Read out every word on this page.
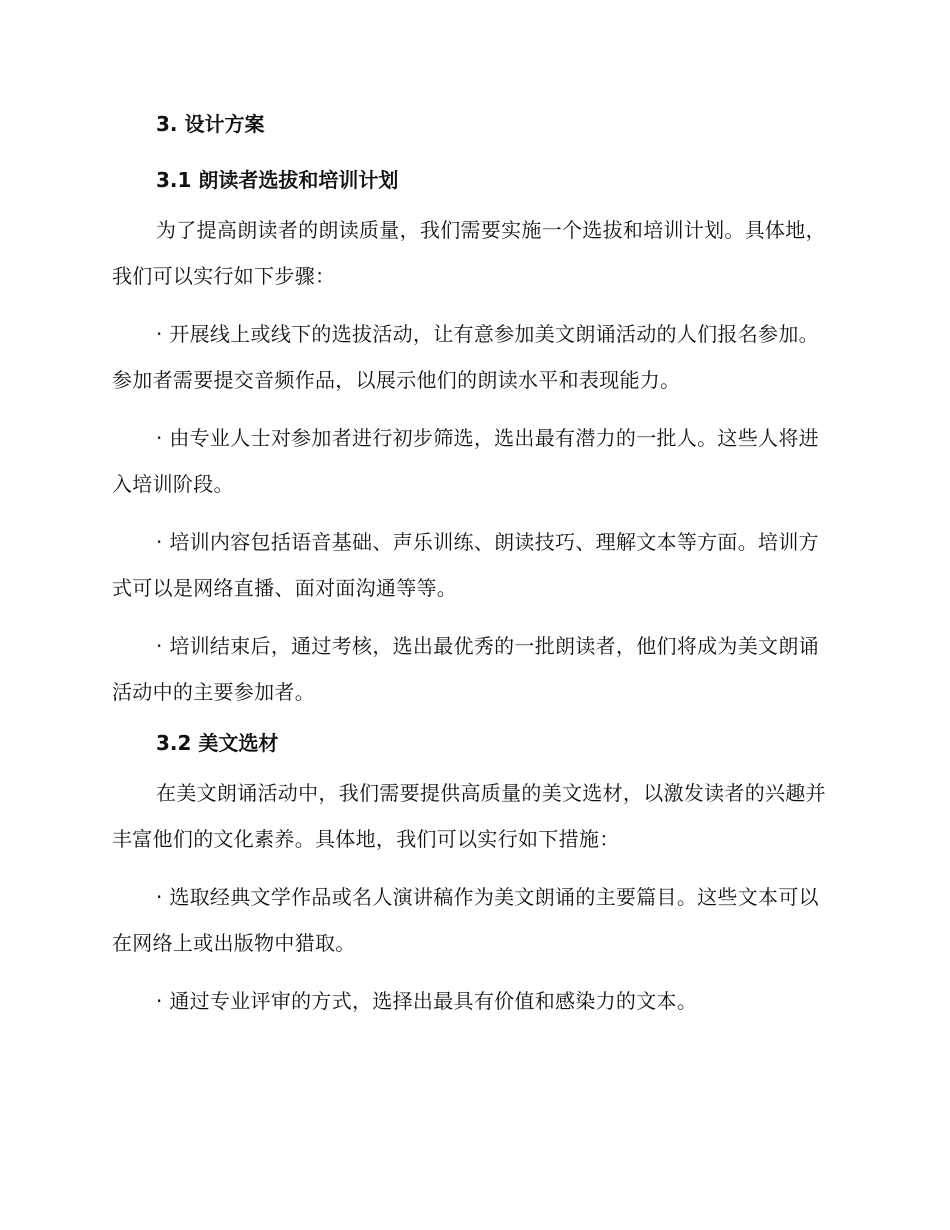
3. 设计方案
3.1 朗读者选拔和培训计划

为了提高朗读者的朗读质量，我们需要实施一个选拔和培训计划。具体地，我们可以实行如下步骤：

· 开展线上或线下的选拔活动，让有意参加美文朗诵活动的人们报名参加。参加者需要提交音频作品，以展示他们的朗读水平和表现能力。

· 由专业人士对参加者进行初步筛选，选出最有潜力的一批人。这些人将进入培训阶段。

· 培训内容包括语音基础、声乐训练、朗读技巧、理解文本等方面。培训方式可以是网络直播、面对面沟通等等。

· 培训结束后，通过考核，选出最优秀的一批朗读者，他们将成为美文朗诵活动中的主要参加者。

3.2 美文选材

在美文朗诵活动中，我们需要提供高质量的美文选材，以激发读者的兴趣并丰富他们的文化素养。具体地，我们可以实行如下措施：

· 选取经典文学作品或名人演讲稿作为美文朗诵的主要篇目。这些文本可以在网络上或出版物中猎取。

· 通过专业评审的方式，选择出最具有价值和感染力的文本。
